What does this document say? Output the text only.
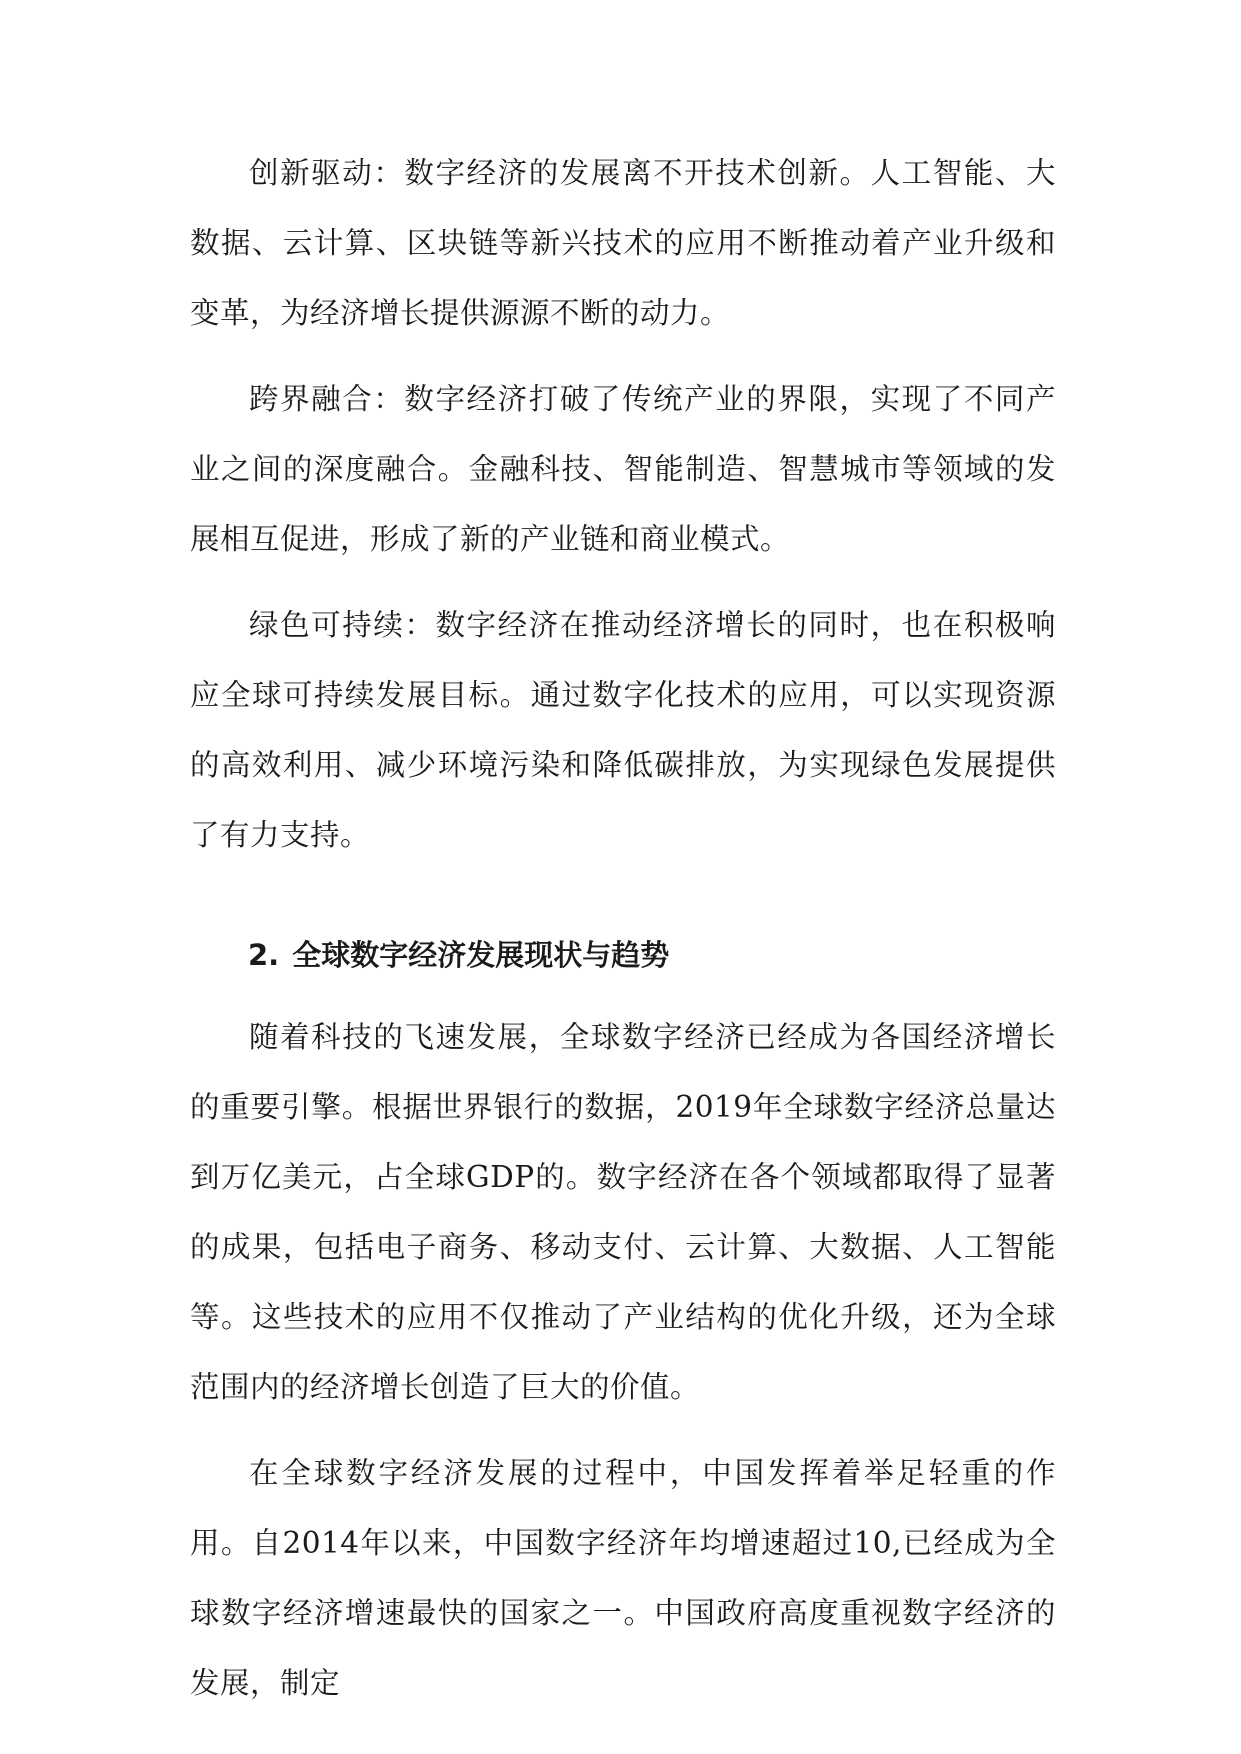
创新驱动：数字经济的发展离不开技术创新。人工智能、大数据、云计算、区块链等新兴技术的应用不断推动着产业升级和变革，为经济增长提供源源不断的动力。

跨界融合：数字经济打破了传统产业的界限，实现了不同产业之间的深度融合。金融科技、智能制造、智慧城市等领域的发展相互促进，形成了新的产业链和商业模式。

绿色可持续：数字经济在推动经济增长的同时，也在积极响应全球可持续发展目标。通过数字化技术的应用，可以实现资源的高效利用、减少环境污染和降低碳排放，为实现绿色发展提供了有力支持。

2. 全球数字经济发展现状与趋势

随着科技的飞速发展，全球数字经济已经成为各国经济增长的重要引擎。根据世界银行的数据，2019年全球数字经济总量达到万亿美元，占全球GDP的。数字经济在各个领域都取得了显著的成果，包括电子商务、移动支付、云计算、大数据、人工智能等。这些技术的应用不仅推动了产业结构的优化升级，还为全球范围内的经济增长创造了巨大的价值。

在全球数字经济发展的过程中，中国发挥着举足轻重的作用。自2014年以来，中国数字经济年均增速超过10,已经成为全球数字经济增速最快的国家之一。中国政府高度重视数字经济的发展，制定
